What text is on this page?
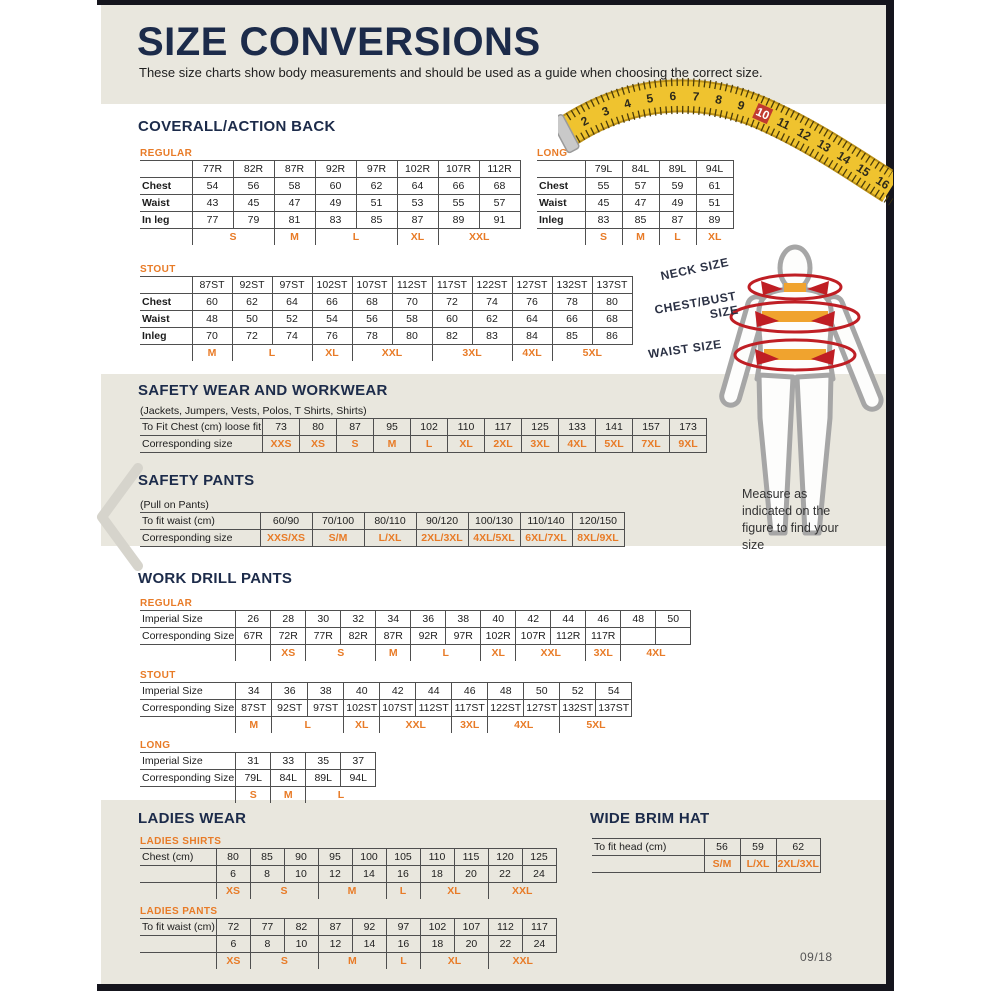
SIZE CONVERSIONS
These size charts show body measurements and should be used as a guide when choosing the correct size.
2
3 4 5 6 7 8 9 10
11
12
13
14
15
16
COVERALL/ACTION BACK
REGULAR
	77R	82R	87R	92R	97R	102R	107R	112R
Chest	54	56	58	60	62	64	66	68
Waist	43	45	47	49	51	53	55	57
In leg	77	79	81	83	85	87	89	91
	S		M	L		XL	XXL	
LONG
	79L	84L	89L	94L
Chest	55	57	59	61
Waist	45	47	49	51
Inleg	83	85	87	89
	S	M	L	XL
STOUT
	87ST	92ST	97ST	102ST	107ST	112ST	117ST	122ST	127ST	132ST	137ST
Chest	60	62	64	66	68	70	72	74	76	78	80
Waist	48	50	52	54	56	58	60	62	64	66	68
Inleg	70	72	74	76	78	80	82	83	84	85	86
	M	L		XL	XXL		3XL		4XL	5XL	
NECK SIZE
CHEST/BUST SIZE
WAIST SIZE
Measure as indicated on the figure to find your size
SAFETY WEAR AND WORKWEAR
(Jackets, Jumpers, Vests, Polos, T Shirts, Shirts)
To Fit Chest (cm) loose fit	73	80	87	95	102	110	117	125	133	141	157	173
Corresponding size	XXS	XS	S	M	L	XL	2XL	3XL	4XL	5XL	7XL	9XL
SAFETY PANTS
(Pull on Pants)
To fit waist (cm)	60/90	70/100	80/110	90/120	100/130	110/140	120/150
Corresponding size	XXS/XS	S/M	L/XL	2XL/3XL	4XL/5XL	6XL/7XL	8XL/9XL
WORK DRILL PANTS
REGULAR
Imperial Size	26	28	30	32	34	36	38	40	42	44	46	48	50
Corresponding Size	67R	72R	77R	82R	87R	92R	97R	102R	107R	112R	117R		
		XS	S		M	L		XL	XXL		3XL	4XL	
STOUT
Imperial Size	34	36	38	40	42	44	46	48	50	52	54
Corresponding Size	87ST	92ST	97ST	102ST	107ST	112ST	117ST	122ST	127ST	132ST	137ST
	M	L		XL	XXL		3XL	4XL		5XL	
LONG
Imperial Size	31	33	35	37
Corresponding Size	79L	84L	89L	94L
	S	M	L	
LADIES WEAR
LADIES SHIRTS
Chest (cm)	80	85	90	95	100	105	110	115	120	125
	6	8	10	12	14	16	18	20	22	24
	XS	S		M		L	XL		XXL	
LADIES PANTS
To fit waist (cm)	72	77	82	87	92	97	102	107	112	117
	6	8	10	12	14	16	18	20	22	24
	XS	S		M		L	XL		XXL	
WIDE BRIM HAT
To fit head (cm)	56	59	62
	S/M	L/XL	2XL/3XL
09/18
